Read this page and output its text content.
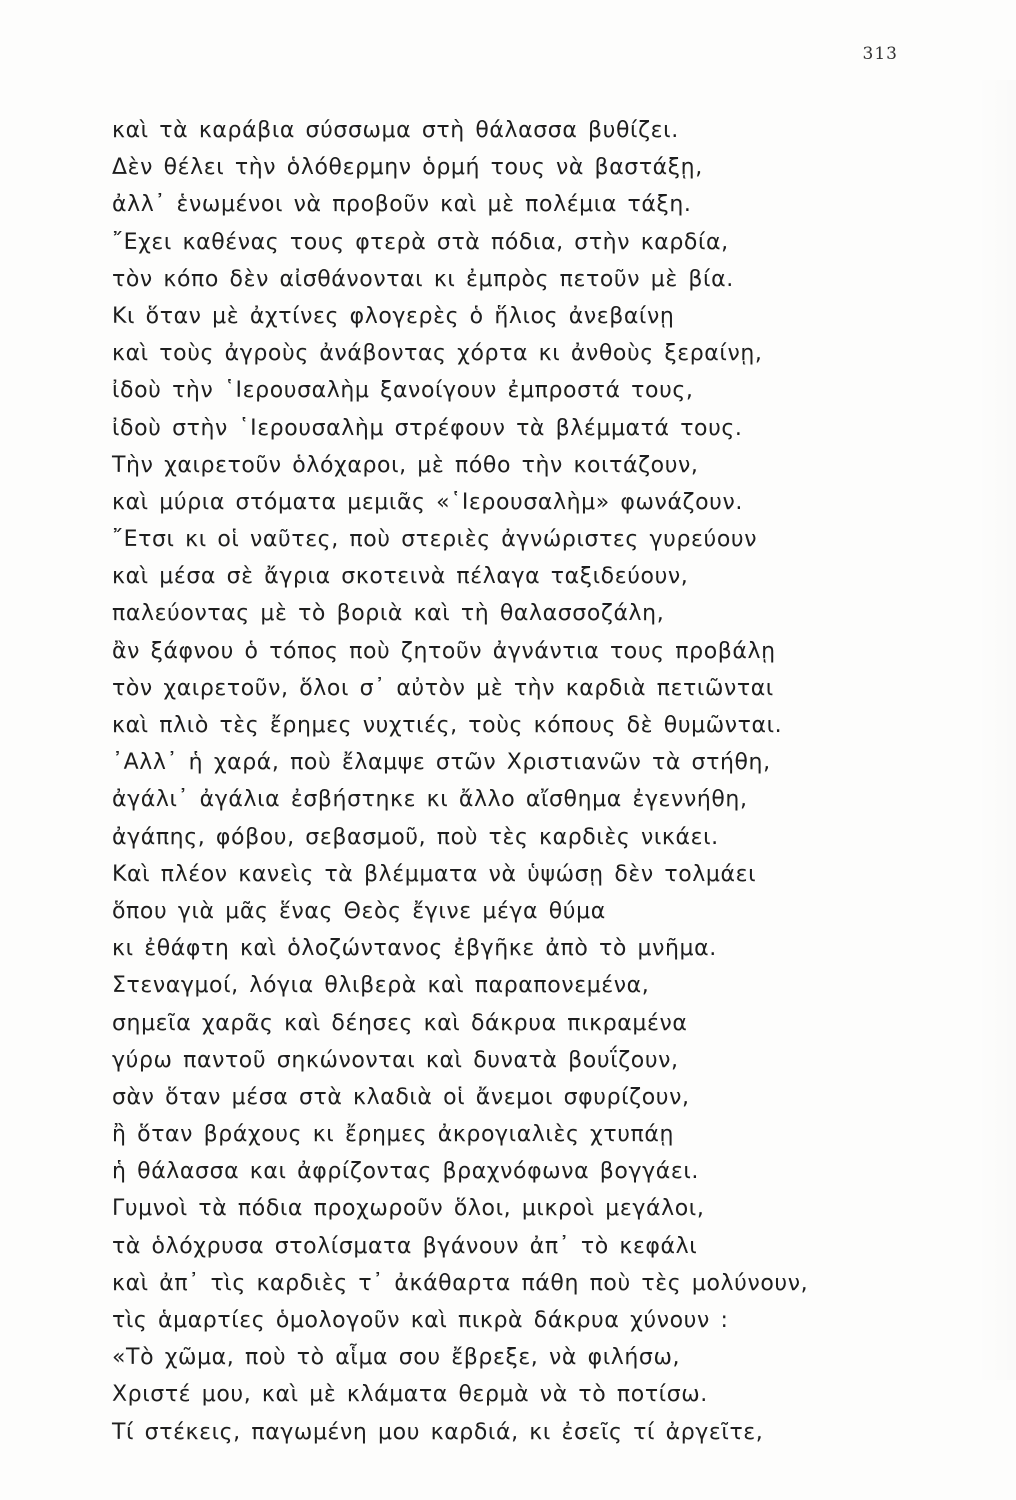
313
καὶ τὰ καράβια σύσσωμα στὴ θάλασσα βυθίζει.
Δὲν θέλει τὴν ὁλόθερμην ὁρμή τους νὰ βαστάξῃ,
ἀλλ᾿ ἑνωμένοι νὰ προβοῦν καὶ μὲ πολέμια τάξη.
῎Εχει καθένας τους φτερὰ στὰ πόδια, στὴν καρδία,
τὸν κόπο δὲν αἰσθάνονται κι ἐμπρὸς πετοῦν μὲ βία.
Κι ὅταν μὲ ἀχτίνες φλογερὲς ὁ ἥλιος ἀνεβαίνῃ
καὶ τοὺς ἀγροὺς ἀνάβοντας χόρτα κι ἀνθοὺς ξεραίνῃ,
ἰδοὺ τὴν ῾Ιερουσαλὴμ ξανοίγουν ἐμπροστά τους,
ἰδοὺ στὴν ῾Ιερουσαλὴμ στρέφουν τὰ βλέμματά τους.
Τὴν χαιρετοῦν ὁλόχαροι, μὲ πόθο τὴν κοιτάζουν,
καὶ μύρια στόματα μεμιᾶς «῾Ιερουσαλὴμ» φωνάζουν.
῎Ετσι κι οἱ ναῦτες, ποὺ στεριὲς ἀγνώριστες γυρεύουν
καὶ μέσα σὲ ἄγρια σκοτεινὰ πέλαγα ταξιδεύουν,
παλεύοντας μὲ τὸ βοριὰ καὶ τὴ θαλασσοζάλη,
ἂν ξάφνου ὁ τόπος ποὺ ζητοῦν ἀγνάντια τους προβάλῃ
τὸν χαιρετοῦν, ὅλοι σ᾿ αὐτὸν μὲ τὴν καρδιὰ πετιῶνται
καὶ πλιὸ τὲς ἔρημες νυχτιές, τοὺς κόπους δὲ θυμῶνται.
᾿Αλλ᾿ ἡ χαρά, ποὺ ἔλαμψε στῶν Χριστιανῶν τὰ στήθη,
ἀγάλι᾿ ἀγάλια ἐσβήστηκε κι ἄλλο αἴσθημα ἐγεννήθη,
ἀγάπης, φόβου, σεβασμοῦ, ποὺ τὲς καρδιὲς νικάει.
Καὶ πλέον κανεὶς τὰ βλέμματα νὰ ὑψώσῃ δὲν τολμάει
ὅπου γιὰ μᾶς ἕνας Θεὸς ἔγινε μέγα θύμα
κι ἐθάφτη καὶ ὁλοζώντανος ἐβγῆκε ἀπὸ τὸ μνῆμα.
Στεναγμοί, λόγια θλιβερὰ καὶ παραπονεμένα,
σημεῖα χαρᾶς καὶ δέησες καὶ δάκρυα πικραμένα
γύρω παντοῦ σηκώνονται καὶ δυνατὰ βουΐζουν,
σὰν ὅταν μέσα στὰ κλαδιὰ οἱ ἄνεμοι σφυρίζουν,
ἢ ὅταν βράχους κι ἔρημες ἀκρογιαλιὲς χτυπάῃ
ἡ θάλασσα και ἀφρίζοντας βραχνόφωνα βογγάει.
Γυμνοὶ τὰ πόδια προχωροῦν ὅλοι, μικροὶ μεγάλοι,
τὰ ὁλόχρυσα στολίσματα βγάνουν ἀπ᾿ τὸ κεφάλι
καὶ ἀπ᾿ τὶς καρδιὲς τ᾿ ἀκάθαρτα πάθη ποὺ τὲς μολύνουν,
τὶς ἁμαρτίες ὁμολογοῦν καὶ πικρὰ δάκρυα χύνουν :
«Τὸ χῶμα, ποὺ τὸ αἷμα σου ἔβρεξε, νὰ φιλήσω,
Χριστέ μου, καὶ μὲ κλάματα θερμὰ νὰ τὸ ποτίσω.
Τί στέκεις, παγωμένη μου καρδιά, κι ἐσεῖς τί ἀργεῖτε,
